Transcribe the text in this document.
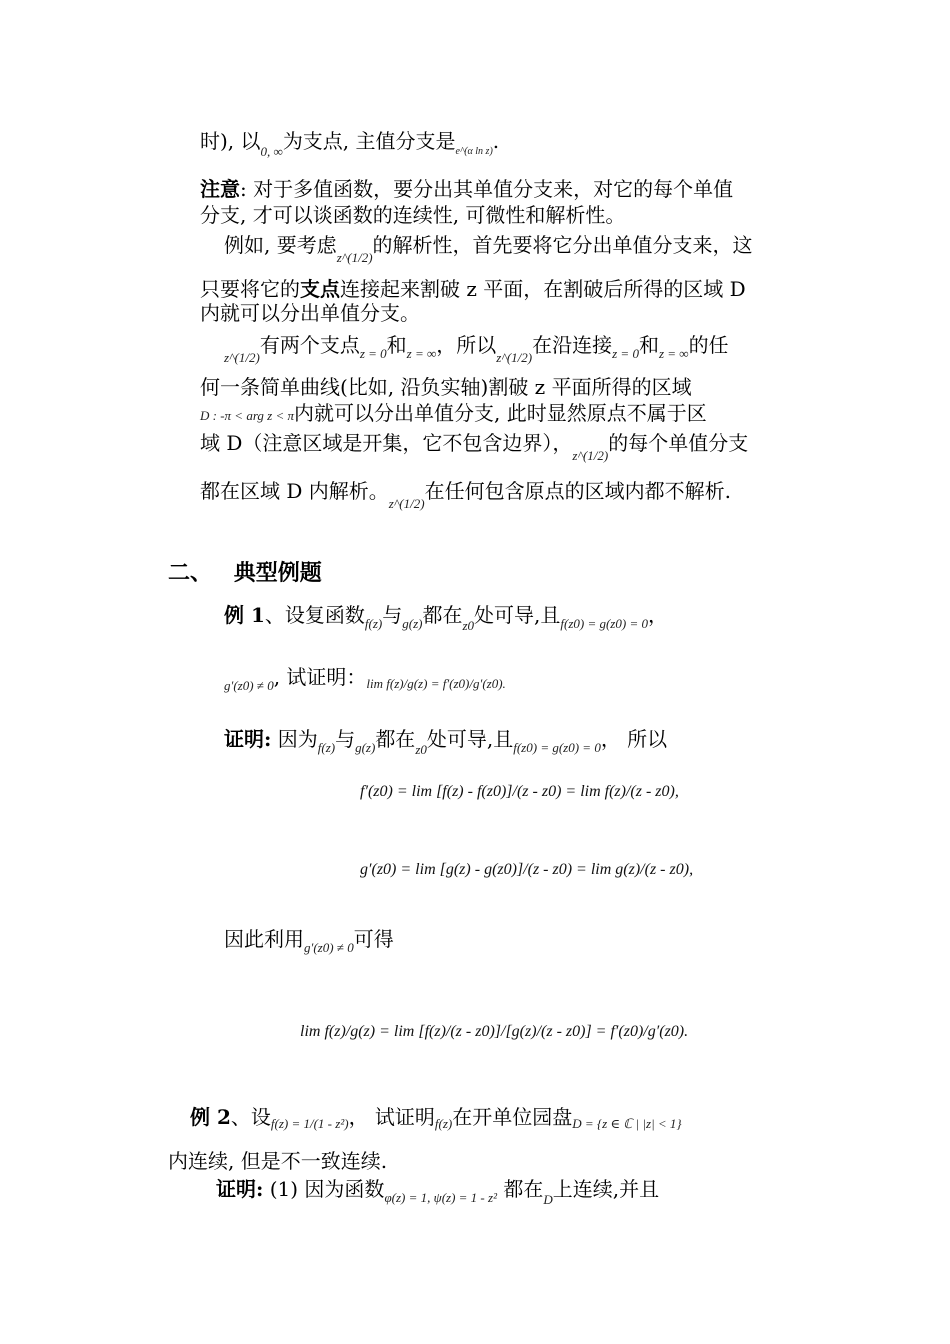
时), 以$_{0, \infty}$为支点, 主值分支是$_{e\^{}(\alpha ln z)}$.
注意: 对于多值函数，要分出其单值分支来，对它的每个单值
分支, 才可以谈函数的连续性, 可微性和解析性。
例如, 要考虑$_{z\^{}(1/2)}$的解析性，首先要将它分出单值分支来，这
只要将它的支点连接起来割破 z 平面，在割破后所得的区域 D
内就可以分出单值分支。
$_{z\^{}(1/2)}$有两个支点$_{z = 0}$和$_{z = \infty}$，所以$_{z\^{}(1/2)}$在沿连接$_{z = 0}$和$_{z = \infty}$的任
何一条简单曲线(比如, 沿负实轴)割破 z 平面所得的区域
D : -π < arg z < π内就可以分出单值分支, 此时显然原点不属于区
域 D（注意区域是开集，它不包含边界），$_{z\^{}(1/2)}$的每个单值分支
都在区域 D 内解析。$_{z\^{}(1/2)}$在任何包含原点的区域内都不解析.
二、 典型例题
例 1、设复函数$_{f(z)}$与$_{g(z)}$都在$_{z0}$处可导,且$_{f(z0) = g(z0) = 0}$，
$_{g'(z0) \ne 0}$, 试证明：$_{lim f(z)/g(z) = f'(z0)/g'(z0).}$
证明: 因为$_{f(z)}$与$_{g(z)}$都在$_{z0}$处可导,且$_{f(z0) = g(z0) = 0}$， 所以
f′(z0) = lim [f(z) - f(z0)]/(z - z0) = lim f(z)/(z - z0),
g′(z0) = lim [g(z) - g(z0)]/(z - z0) = lim g(z)/(z - z0),
因此利用$_{g'(z0) \ne 0}$可得
lim f(z)/g(z) = lim [f(z)/(z - z0)]/[g(z)/(z - z0)] = f′(z0)/g′(z0).
例 2、设$_{f(z) = 1/(1 - z^2)}$， 试证明$_{f(z)}$在开单位园盘$_{D = \{z \in ℂ | |z| < 1\}}$
内连续, 但是不一致连续.
证明: (1) 因为函数$_{\varphi(z) = 1, \psi(z) = 1 - z^2}$ 都在$_D$上连续,并且
